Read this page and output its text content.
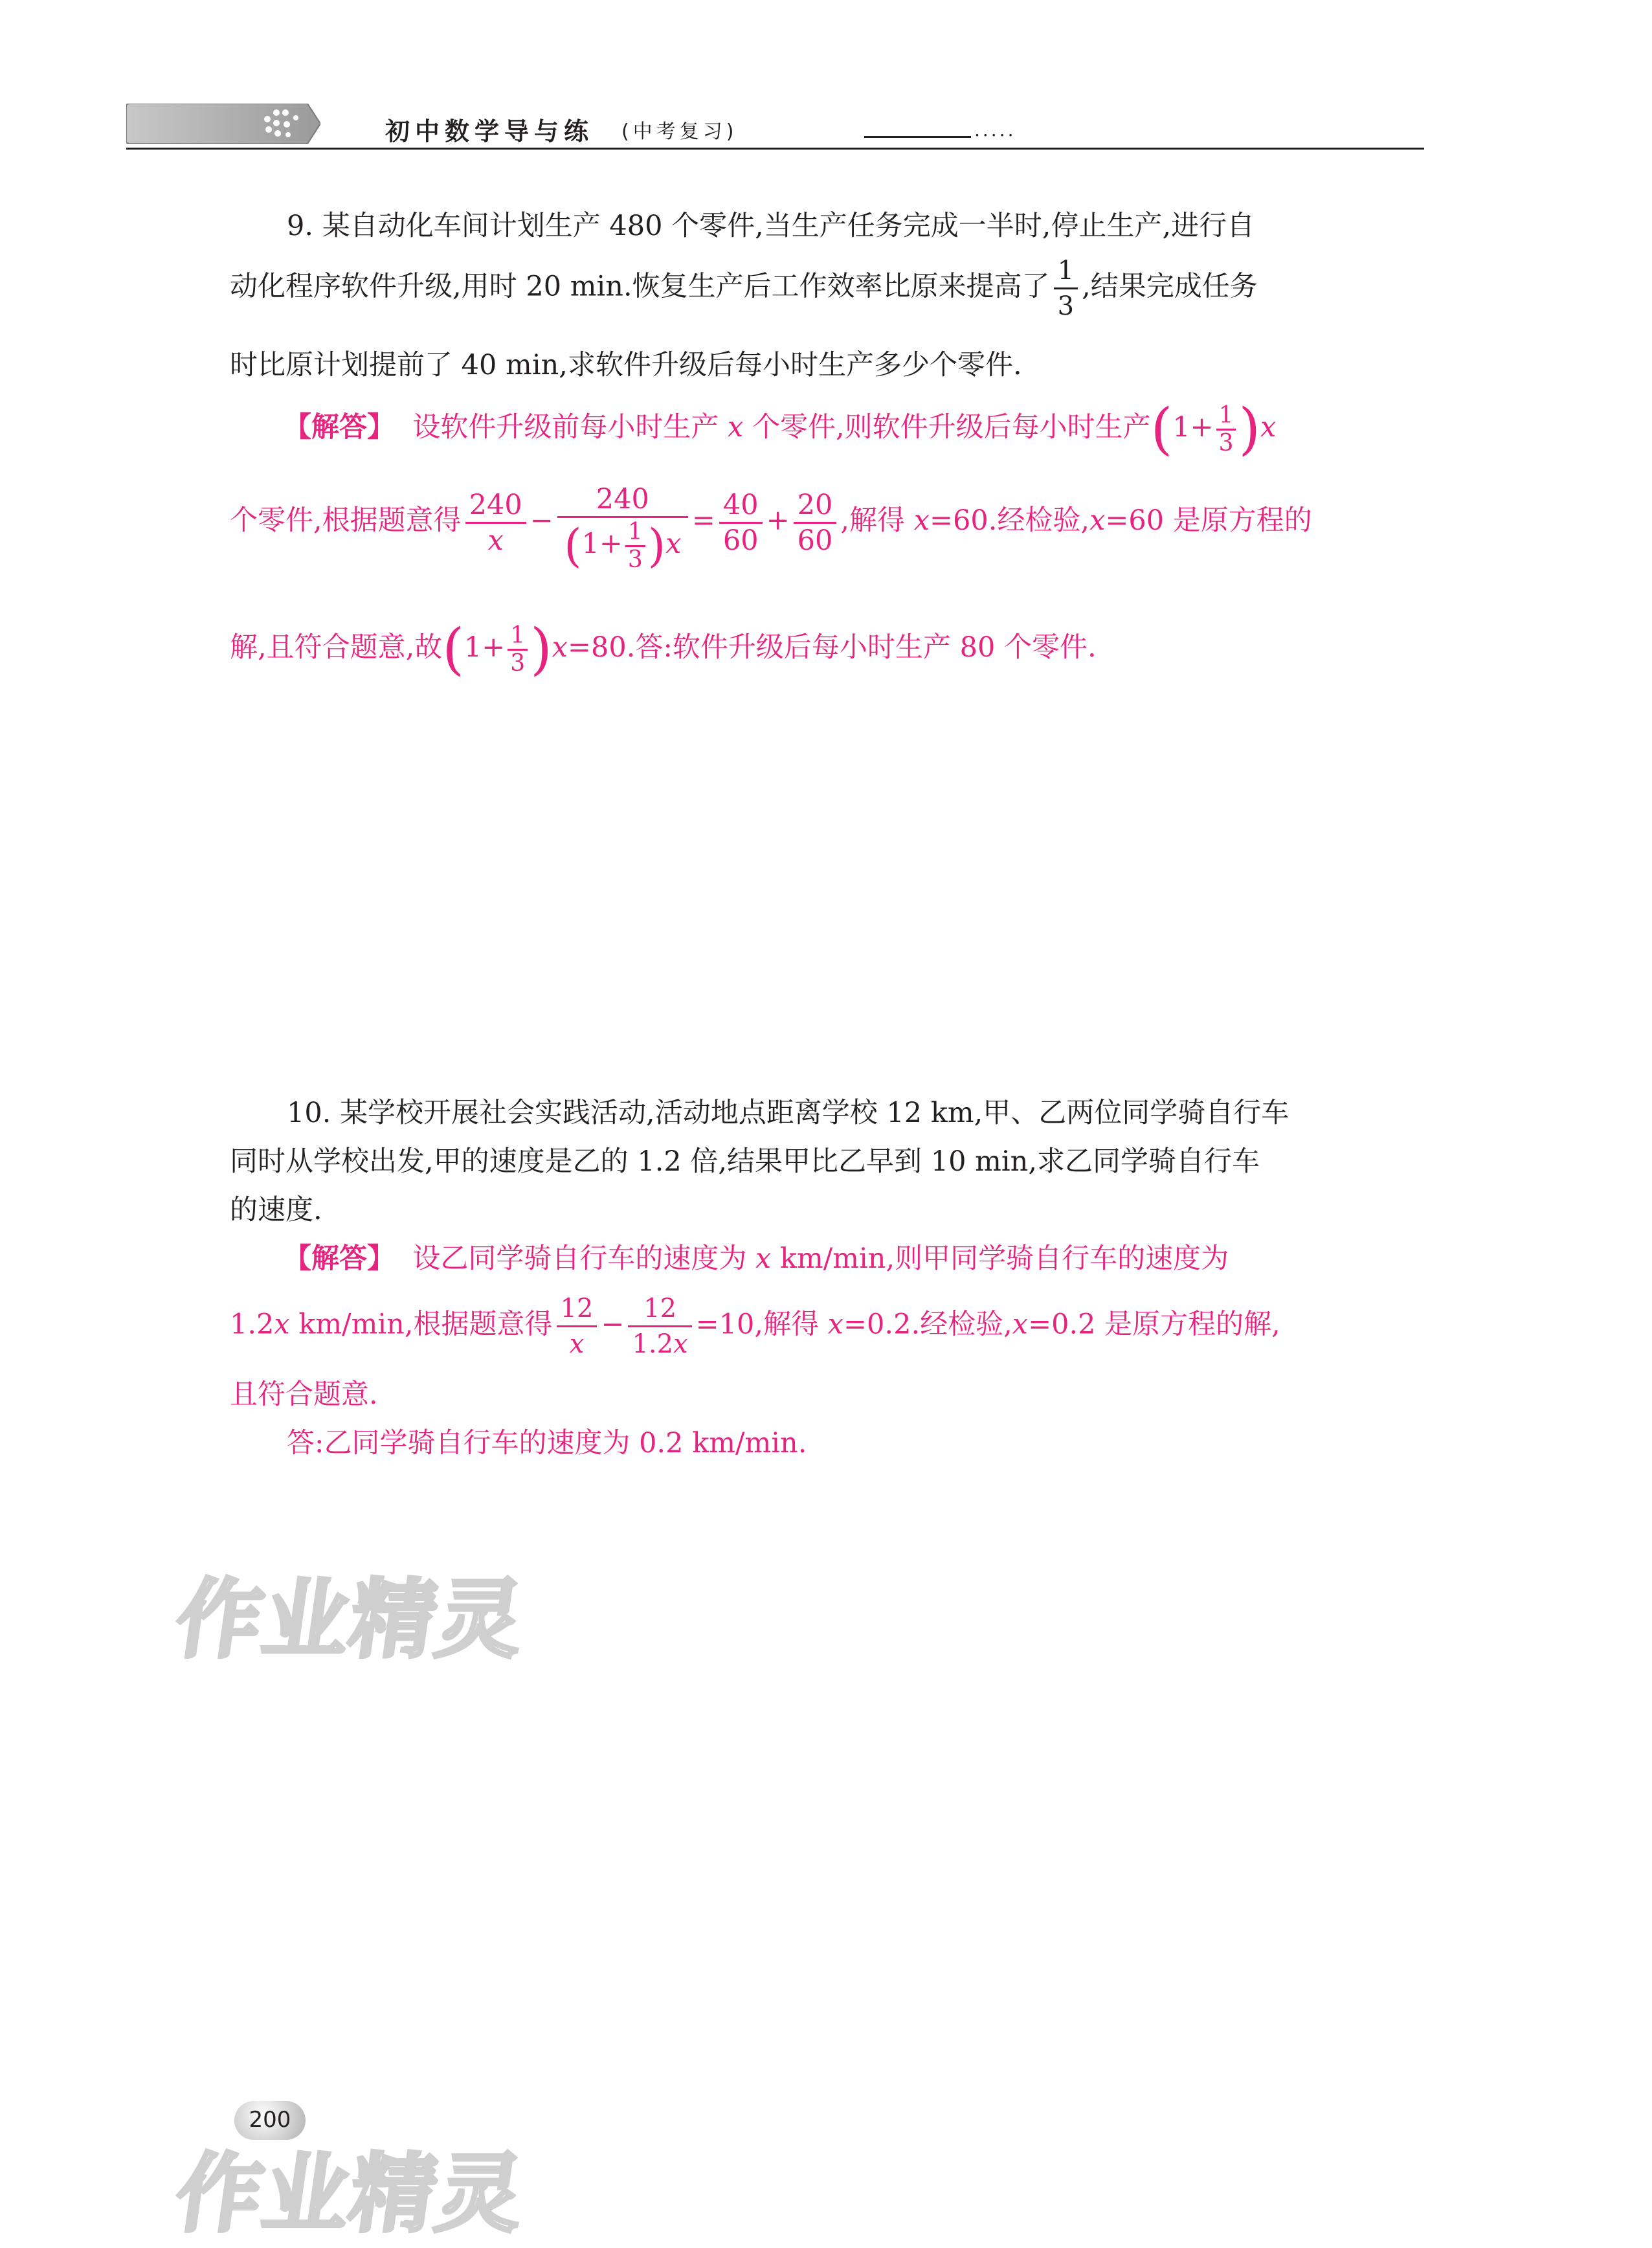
初中数学导与练 (中考复习)	.....
9. 某自动化车间计划生产 480 个零件,当生产任务完成一半时,停止生产,进行自
动化程序软件升级,用时 20 min.恢复生产后工作效率比原来提高了 $\frac{1}{3}$ ,结果完成任务
时比原计划提前了 40 min,求软件升级后每小时生产多少个零件.
【解答】 设软件升级前每小时生产 x 个零件,则软件升级后每小时生产$(1+ \frac{1}{3} )x$
个零件,根据题意得 $\frac{240}{x} - \frac{240}{(1+ \frac{1}{3} )x} = \frac{40}{60} + \frac{20}{60}$ ,解得 x=60.经检验,x=60 是原方程的
解,且符合题意,故$(1+ \frac{1}{3} )x=80$.答:软件升级后每小时生产 80 个零件.
10. 某学校开展社会实践活动,活动地点距离学校 12 km,甲、乙两位同学骑自行车
同时从学校出发,甲的速度是乙的 1.2 倍,结果甲比乙早到 10 min,求乙同学骑自行车
的速度.
【解答】 设乙同学骑自行车的速度为 x km/min,则甲同学骑自行车的速度为
1.2x km/min,根据题意得 $\frac{12}{x} - \frac{12}{1.2x} =10$,解得 x=0.2.经检验,x=0.2 是原方程的解,
且符合题意.
答:乙同学骑自行车的速度为 0.2 km/min.
作业精灵
200
作业精灵
